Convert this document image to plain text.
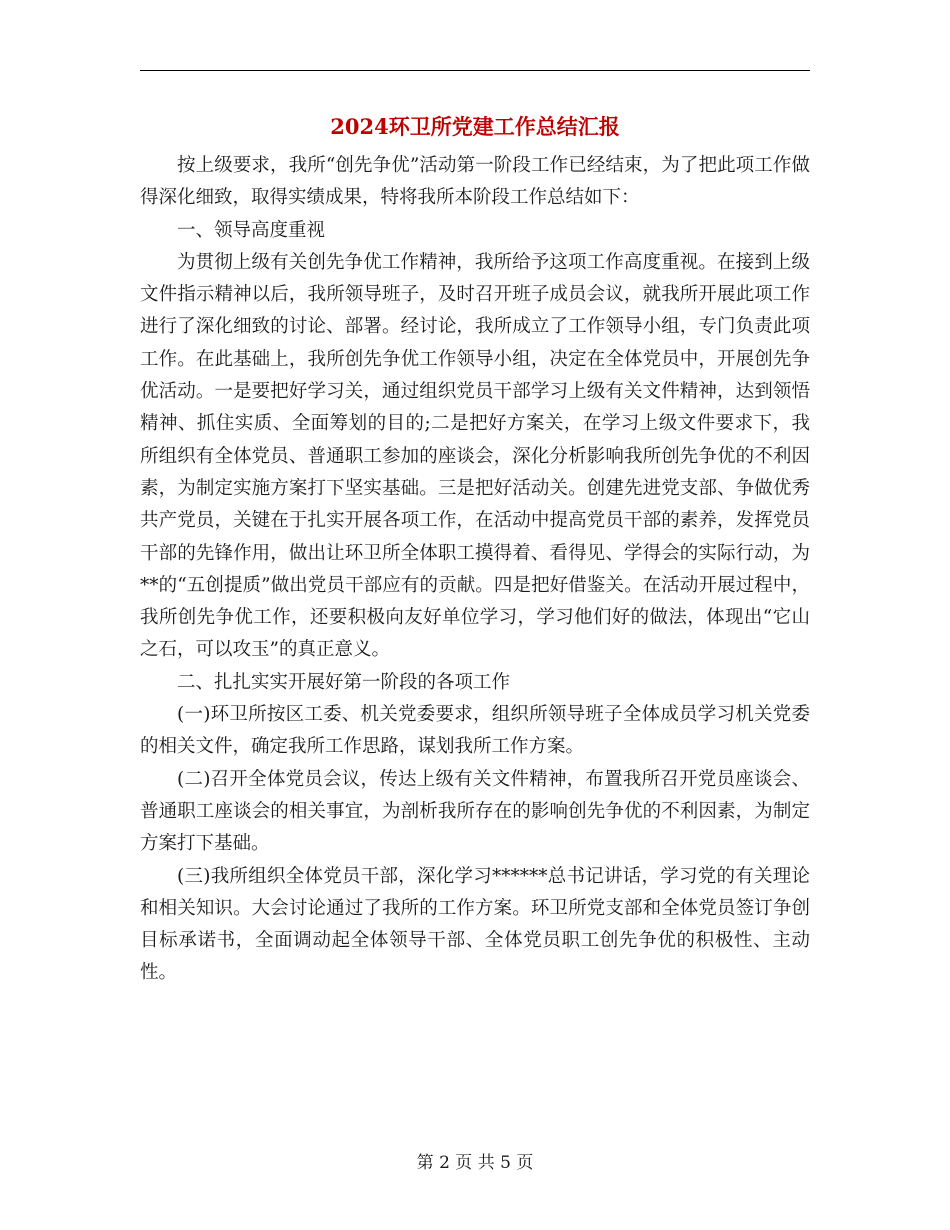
2024环卫所党建工作总结汇报

按上级要求，我所“创先争优”活动第一阶段工作已经结束，为了把此项工作做得深化细致，取得实绩成果，特将我所本阶段工作总结如下：

一、领导高度重视

为贯彻上级有关创先争优工作精神，我所给予这项工作高度重视。在接到上级文件指示精神以后，我所领导班子，及时召开班子成员会议，就我所开展此项工作进行了深化细致的讨论、部署。经讨论，我所成立了工作领导小组，专门负责此项工作。在此基础上，我所创先争优工作领导小组，决定在全体党员中，开展创先争优活动。一是要把好学习关，通过组织党员干部学习上级有关文件精神，达到领悟精神、抓住实质、全面筹划的目的;二是把好方案关，在学习上级文件要求下，我所组织有全体党员、普通职工参加的座谈会，深化分析影响我所创先争优的不利因素，为制定实施方案打下坚实基础。三是把好活动关。创建先进党支部、争做优秀共产党员，关键在于扎实开展各项工作，在活动中提高党员干部的素养，发挥党员干部的先锋作用，做出让环卫所全体职工摸得着、看得见、学得会的实际行动，为**的“五创提质”做出党员干部应有的贡献。四是把好借鉴关。在活动开展过程中，我所创先争优工作，还要积极向友好单位学习，学习他们好的做法，体现出“它山之石，可以攻玉”的真正意义。

二、扎扎实实开展好第一阶段的各项工作

(一)环卫所按区工委、机关党委要求，组织所领导班子全体成员学习机关党委的相关文件，确定我所工作思路，谋划我所工作方案。

(二)召开全体党员会议，传达上级有关文件精神，布置我所召开党员座谈会、普通职工座谈会的相关事宜，为剖析我所存在的影响创先争优的不利因素，为制定方案打下基础。

(三)我所组织全体党员干部，深化学习******总书记讲话，学习党的有关理论和相关知识。大会讨论通过了我所的工作方案。环卫所党支部和全体党员签订争创目标承诺书，全面调动起全体领导干部、全体党员职工创先争优的积极性、主动性。

第 2 页 共 5 页
